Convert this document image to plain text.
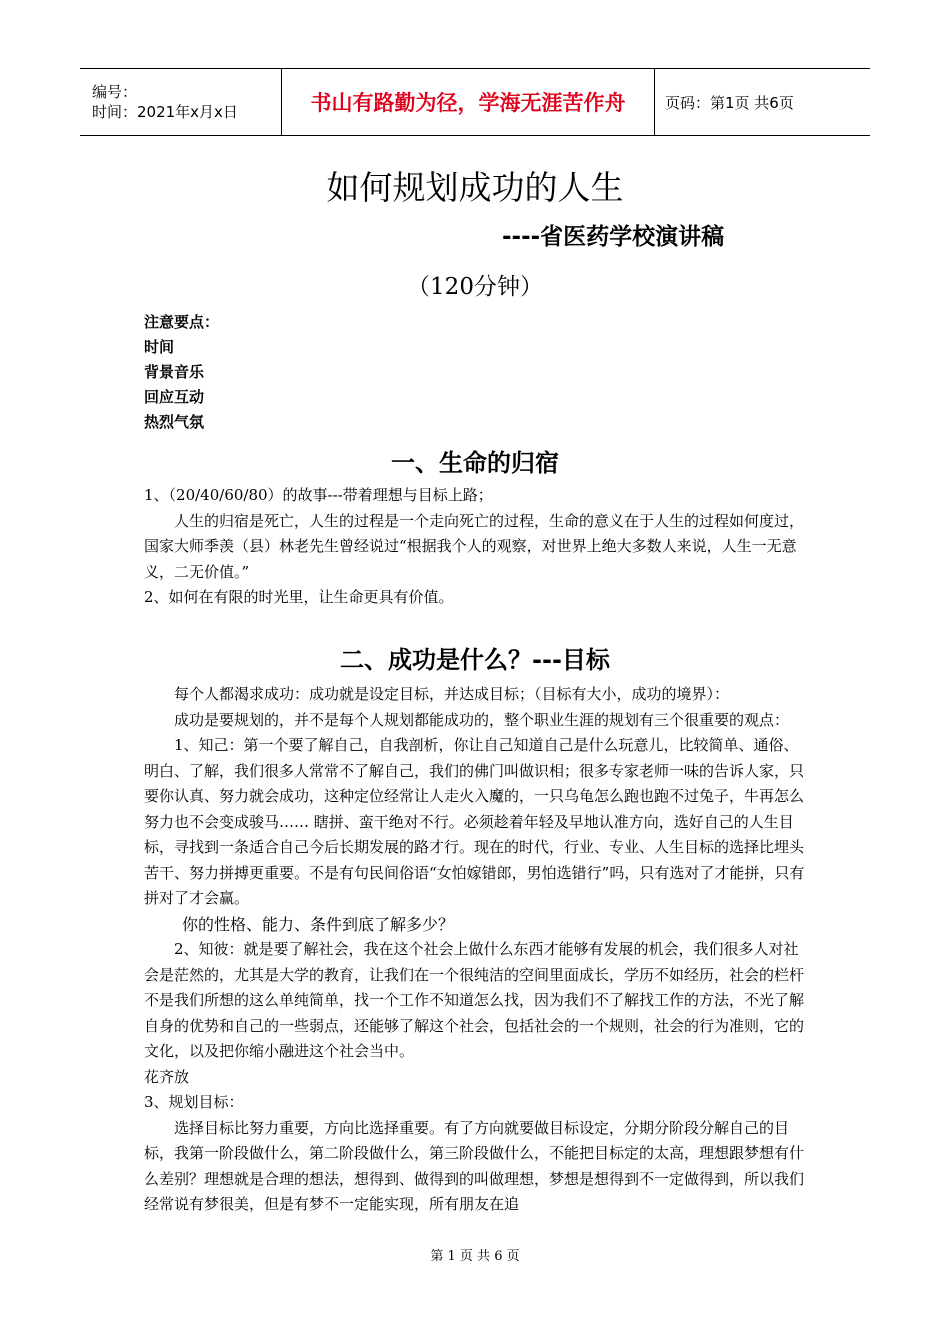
编号：
时间：2021年x月x日	书山有路勤为径，学海无涯苦作舟	页码：第1页 共6页
如何规划成功的人生
----省医药学校演讲稿
（120分钟）
注意要点：
时间
背景音乐
回应互动
热烈气氛
一、生命的归宿

1、（20/40/60/80）的故事---带着理想与目标上路；

人生的归宿是死亡，人生的过程是一个走向死亡的过程，生命的意义在于人生的过程如何度过，国家大师季羡（县）林老先生曾经说过“根据我个人的观察，对世界上绝大多数人来说，人生一无意义，二无价值。”

2、如何在有限的时光里，让生命更具有价值。

二、成功是什么？---目标

每个人都渴求成功：成功就是设定目标，并达成目标；（目标有大小，成功的境界）：

成功是要规划的，并不是每个人规划都能成功的，整个职业生涯的规划有三个很重要的观点：

1、知己：第一个要了解自己，自我剖析，你让自己知道自己是什么玩意儿，比较简单、通俗、明白、了解，我们很多人常常不了解自己，我们的佛门叫做识相；很多专家老师一味的告诉人家，只要你认真、努力就会成功，这种定位经常让人走火入魔的，一只乌龟怎么跑也跑不过兔子，牛再怎么努力也不会变成骏马…… 瞎拼、蛮干绝对不行。必须趁着年轻及早地认准方向，选好自己的人生目标，寻找到一条适合自己今后长期发展的路才行。现在的时代，行业、专业、人生目标的选择比埋头苦干、努力拼搏更重要。不是有句民间俗语“女怕嫁错郎，男怕选错行”吗，只有选对了才能拼，只有拼对了才会赢。

你的性格、能力、条件到底了解多少？

2、知彼：就是要了解社会，我在这个社会上做什么东西才能够有发展的机会，我们很多人对社会是茫然的，尤其是大学的教育，让我们在一个很纯洁的空间里面成长，学历不如经历，社会的栏杆不是我们所想的这么单纯简单，找一个工作不知道怎么找，因为我们不了解找工作的方法，不光了解自身的优势和自己的一些弱点，还能够了解这个社会，包括社会的一个规则，社会的行为准则，它的文化，以及把你缩小融进这个社会当中。

花齐放

3、规划目标：

选择目标比努力重要，方向比选择重要。有了方向就要做目标设定，分期分阶段分解自己的目标，我第一阶段做什么，第二阶段做什么，第三阶段做什么，不能把目标定的太高，理想跟梦想有什么差别？理想就是合理的想法，想得到、做得到的叫做理想，梦想是想得到不一定做得到，所以我们经常说有梦很美，但是有梦不一定能实现，所有朋友在追

第 1 页 共 6 页
